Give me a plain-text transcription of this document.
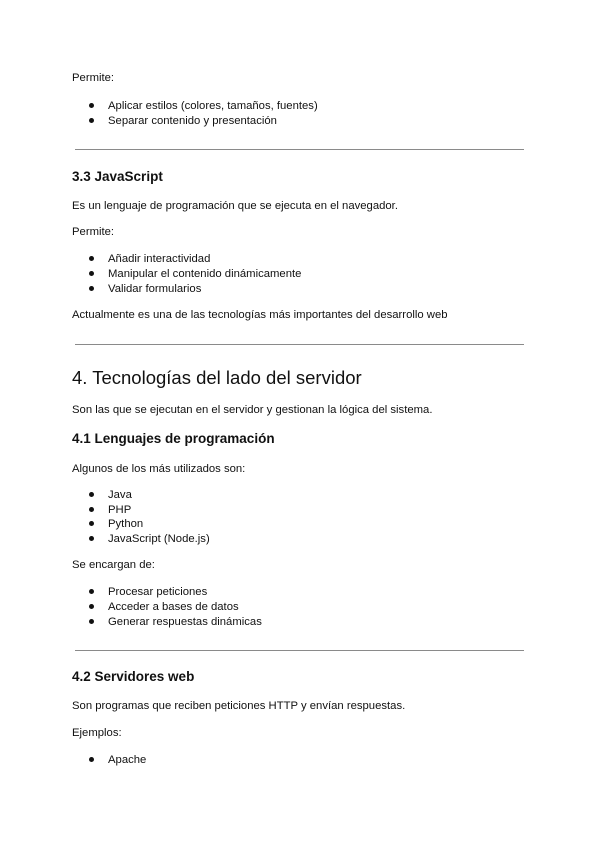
Permite:
Aplicar estilos (colores, tamaños, fuentes)
Separar contenido y presentación
3.3 JavaScript
Es un lenguaje de programación que se ejecuta en el navegador.
Permite:
Añadir interactividad
Manipular el contenido dinámicamente
Validar formularios
Actualmente es una de las tecnologías más importantes del desarrollo web
4. Tecnologías del lado del servidor
Son las que se ejecutan en el servidor y gestionan la lógica del sistema.
4.1 Lenguajes de programación
Algunos de los más utilizados son:
Java
PHP
Python
JavaScript (Node.js)
Se encargan de:
Procesar peticiones
Acceder a bases de datos
Generar respuestas dinámicas
4.2 Servidores web
Son programas que reciben peticiones HTTP y envían respuestas.
Ejemplos:
Apache
